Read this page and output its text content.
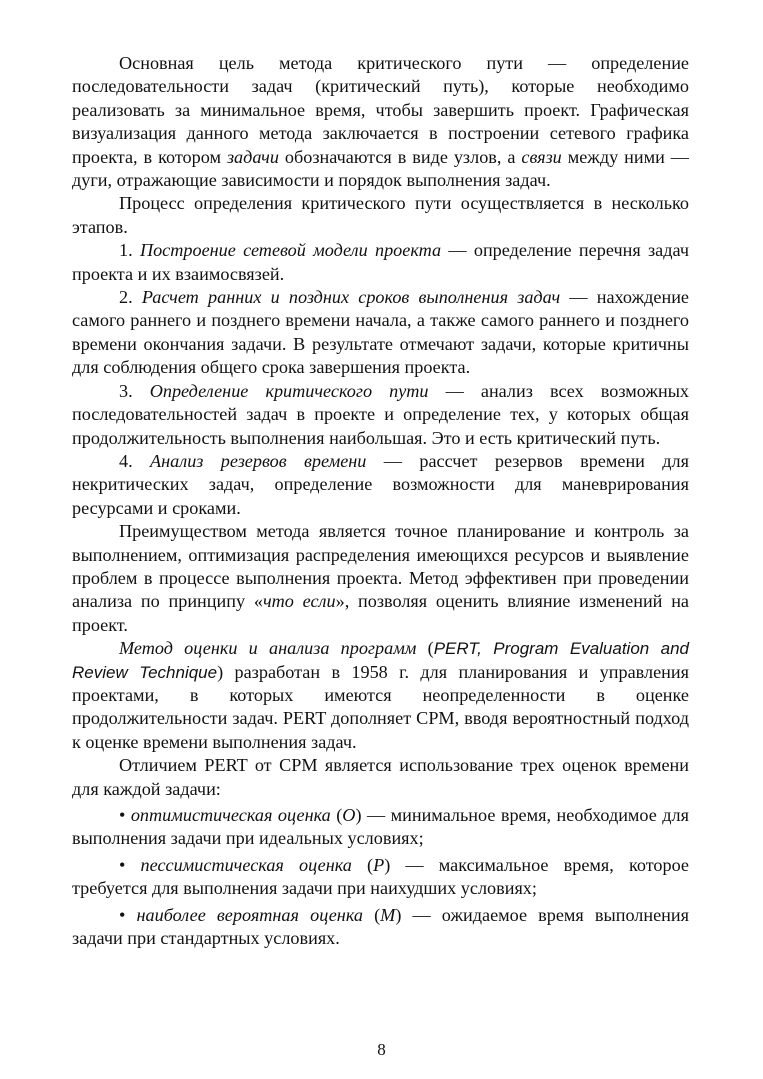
Основная цель метода критического пути — определение последовательности задач (критический путь), которые необходимо реализовать за минимальное время, чтобы завершить проект. Графическая визуализация данного метода заключается в построении сетевого графика проекта, в котором задачи обозначаются в виде узлов, а связи между ними — дуги, отражающие зависимости и порядок выполнения задач.

Процесс определения критического пути осуществляется в несколько этапов.

1. Построение сетевой модели проекта — определение перечня задач проекта и их взаимосвязей.

2. Расчет ранних и поздних сроков выполнения задач — нахождение самого раннего и позднего времени начала, а также самого раннего и позднего времени окончания задачи. В результате отмечают задачи, которые критичны для соблюдения общего срока завершения проекта.

3. Определение критического пути — анализ всех возможных последовательностей задач в проекте и определение тех, у которых общая продолжительность выполнения наибольшая. Это и есть критический путь.

4. Анализ резервов времени — рассчет резервов времени для некритических задач, определение возможности для маневрирования ресурсами и сроками.

Преимуществом метода является точное планирование и контроль за выполнением, оптимизация распределения имеющихся ресурсов и выявление проблем в процессе выполнения проекта. Метод эффективен при проведении анализа по принципу «что если», позволяя оценить влияние изменений на проект.

Метод оценки и анализа программ (PERT, Program Evaluation and Review Technique) разработан в 1958 г. для планирования и управления проектами, в которых имеются неопределенности в оценке продолжительности задач. PERT дополняет CPM, вводя вероятностный подход к оценке времени выполнения задач.

Отличием PERT от CPM является использование трех оценок времени для каждой задачи:

• оптимистическая оценка (O) — минимальное время, необходимое для выполнения задачи при идеальных условиях;

• пессимистическая оценка (P) — максимальное время, которое требуется для выполнения задачи при наихудших условиях;

• наиболее вероятная оценка (M) — ожидаемое время выполнения задачи при стандартных условиях.

8
